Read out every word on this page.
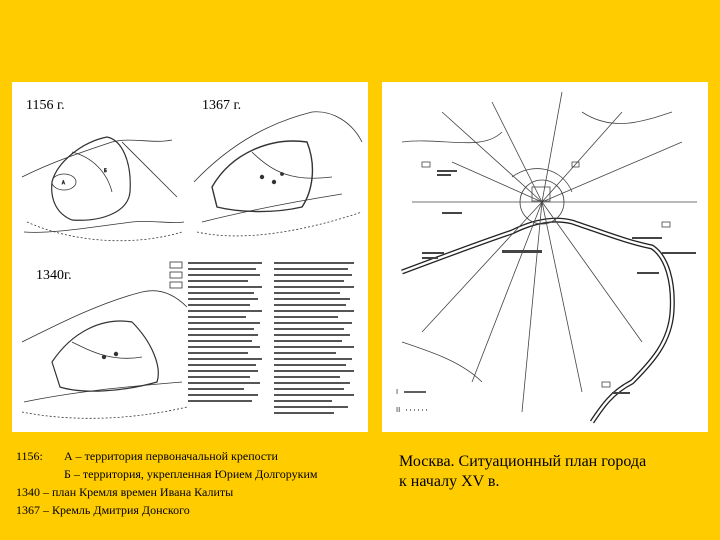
Б
А
1156 г.	1367 г.
1340г.
I
II
1156: А – территория первоначальной крепости
Б – территория, укрепленная Юрием Долгоруким
1340 – план Кремля времен Ивана Калиты
1367 – Кремль Дмитрия Донского
Москва. Ситуационный план города
к началу XV в.
